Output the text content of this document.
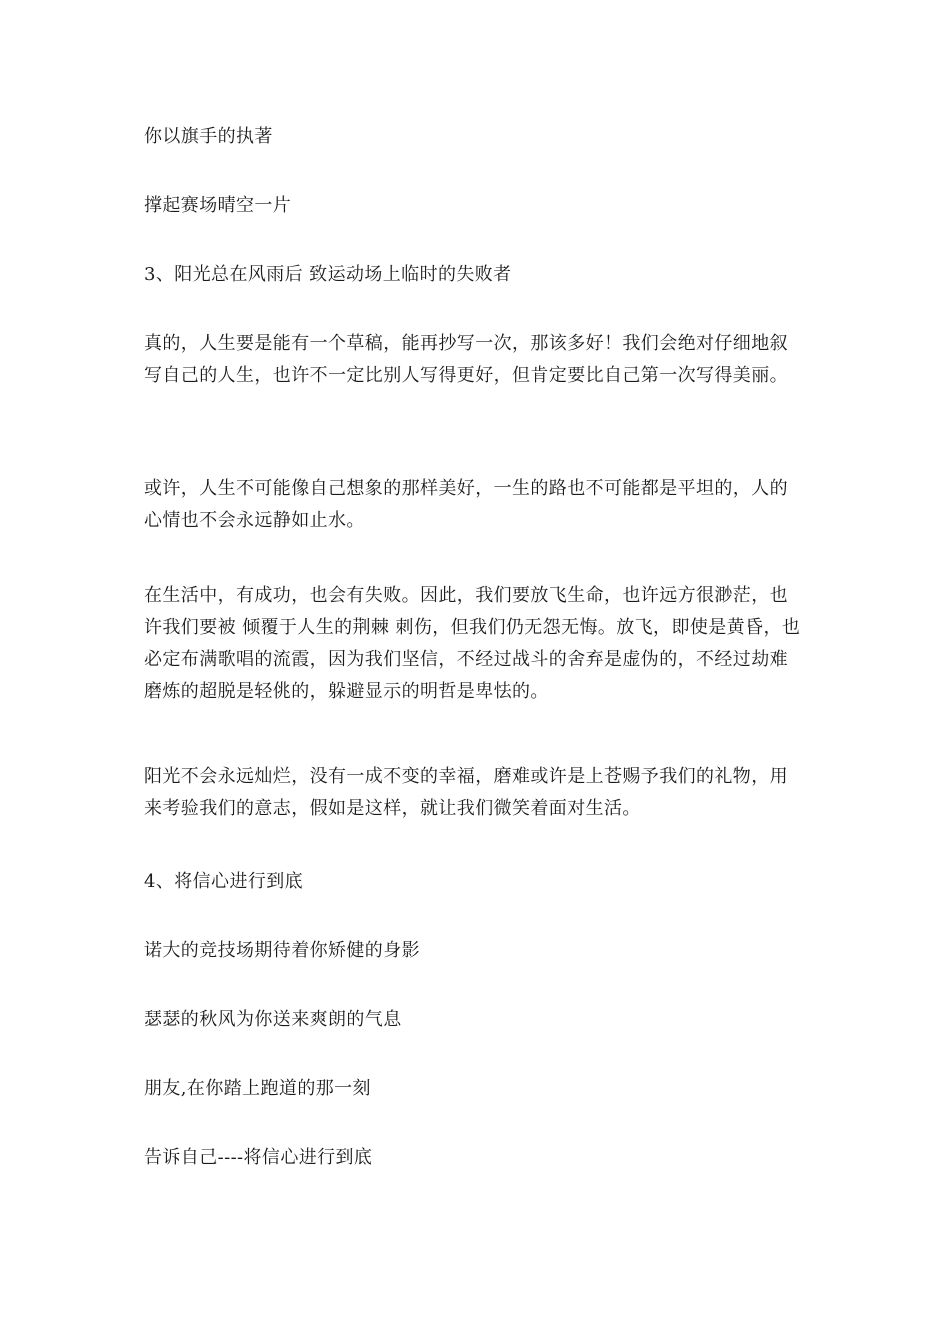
你以旗手的执著
撑起赛场晴空一片
3、阳光总在风雨后 致运动场上临时的失败者
真的，人生要是能有一个草稿，能再抄写一次，那该多好！我们会绝对仔细地叙写自己的人生，也许不一定比别人写得更好，但肯定要比自己第一次写得美丽。
或许，人生不可能像自己想象的那样美好，一生的路也不可能都是平坦的，人的心情也不会永远静如止水。
在生活中，有成功，也会有失败。因此，我们要放飞生命，也许远方很渺茫，也许我们要被 倾覆于人生的荆棘 刺伤，但我们仍无怨无悔。放飞，即使是黄昏，也必定布满歌唱的流霞，因为我们坚信，不经过战斗的舍弃是虚伪的，不经过劫难磨炼的超脱是轻佻的，躲避显示的明哲是卑怯的。
阳光不会永远灿烂，没有一成不变的幸福，磨难或许是上苍赐予我们的礼物，用来考验我们的意志，假如是这样，就让我们微笑着面对生活。
4、将信心进行到底
诺大的竞技场期待着你矫健的身影
瑟瑟的秋风为你送来爽朗的气息
朋友,在你踏上跑道的那一刻
告诉自己----将信心进行到底
